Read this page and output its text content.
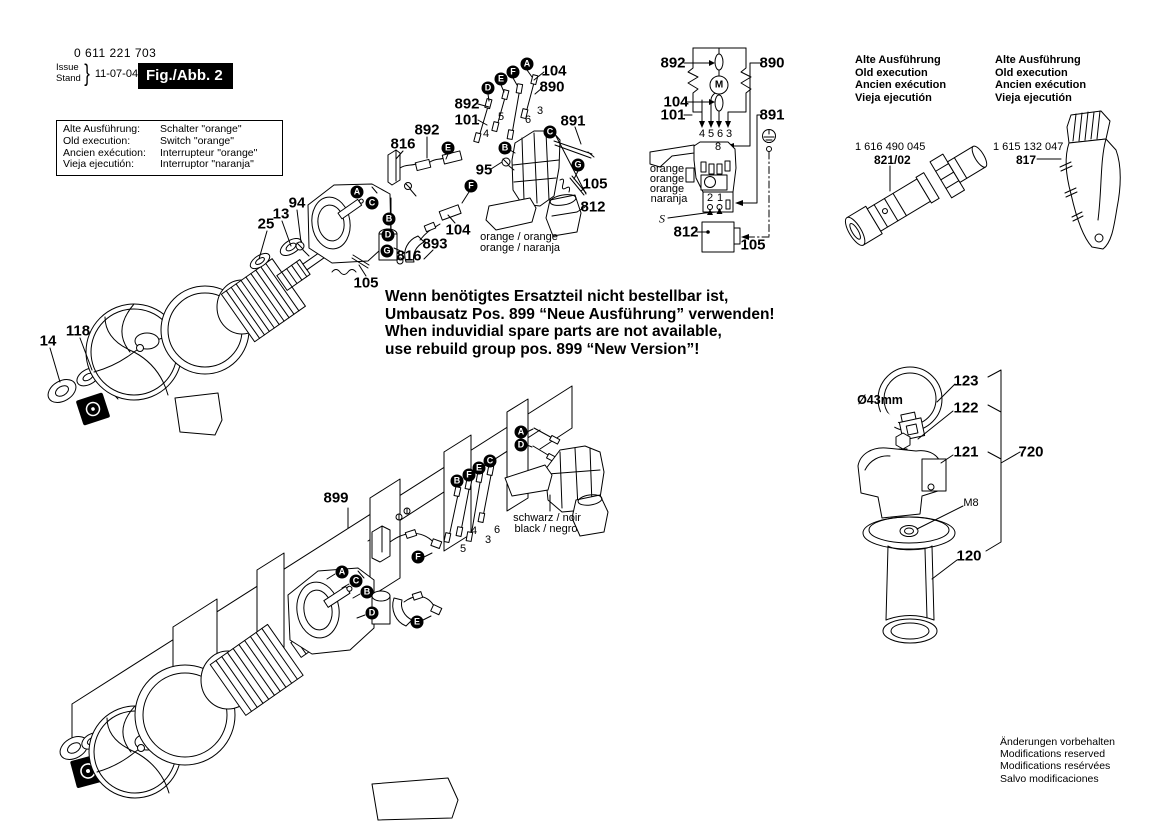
0 611 221 703
Issue
Stand } 11-07-04 Fig./Abb. 2
Alte Ausführung:	Schalter "orange"
Old execution:	Switch "orange"
Ancien exécution:	Interrupteur "orange"
Vieja ejecutión:	Interruptor "naranja"
Wenn benötigtes Ersatzteil nicht bestellbar ist,
Umbausatz Pos. 899 “Neue Ausführung” verwenden!
When induvidial spare parts are not available,
use rebuild group pos. 899 “New Version”!
Alte Ausführung
Old execution
Ancien exécution
Vieja ejecutión
1 616 490 045
821/02
Alte Ausführung
Old execution
Ancien exécution
Vieja ejecutión
1 615 132 047
817
Änderungen vorbehalten
Modifications reserved
Modifications resérvées
Salvo modificaciones
892
101
104
890
891
892
816
95
105
812
104
893
816
94
13
25
105
118
14
892	890
104
101	891
812
105
899
123
122
121	720
120
4
5 6
3
5
4
3
6
4 5 6 3
8
2 1
S
orange / orange
orange / naranja
orange
orange
orange
naranja
schwarz / noir
black / negro
M8
Ø43mm
A
C
B
D
G
E
F
D
E
F
A
B
C
G
M
A
C
B
D
F
E
B
F
E
C
A
D
